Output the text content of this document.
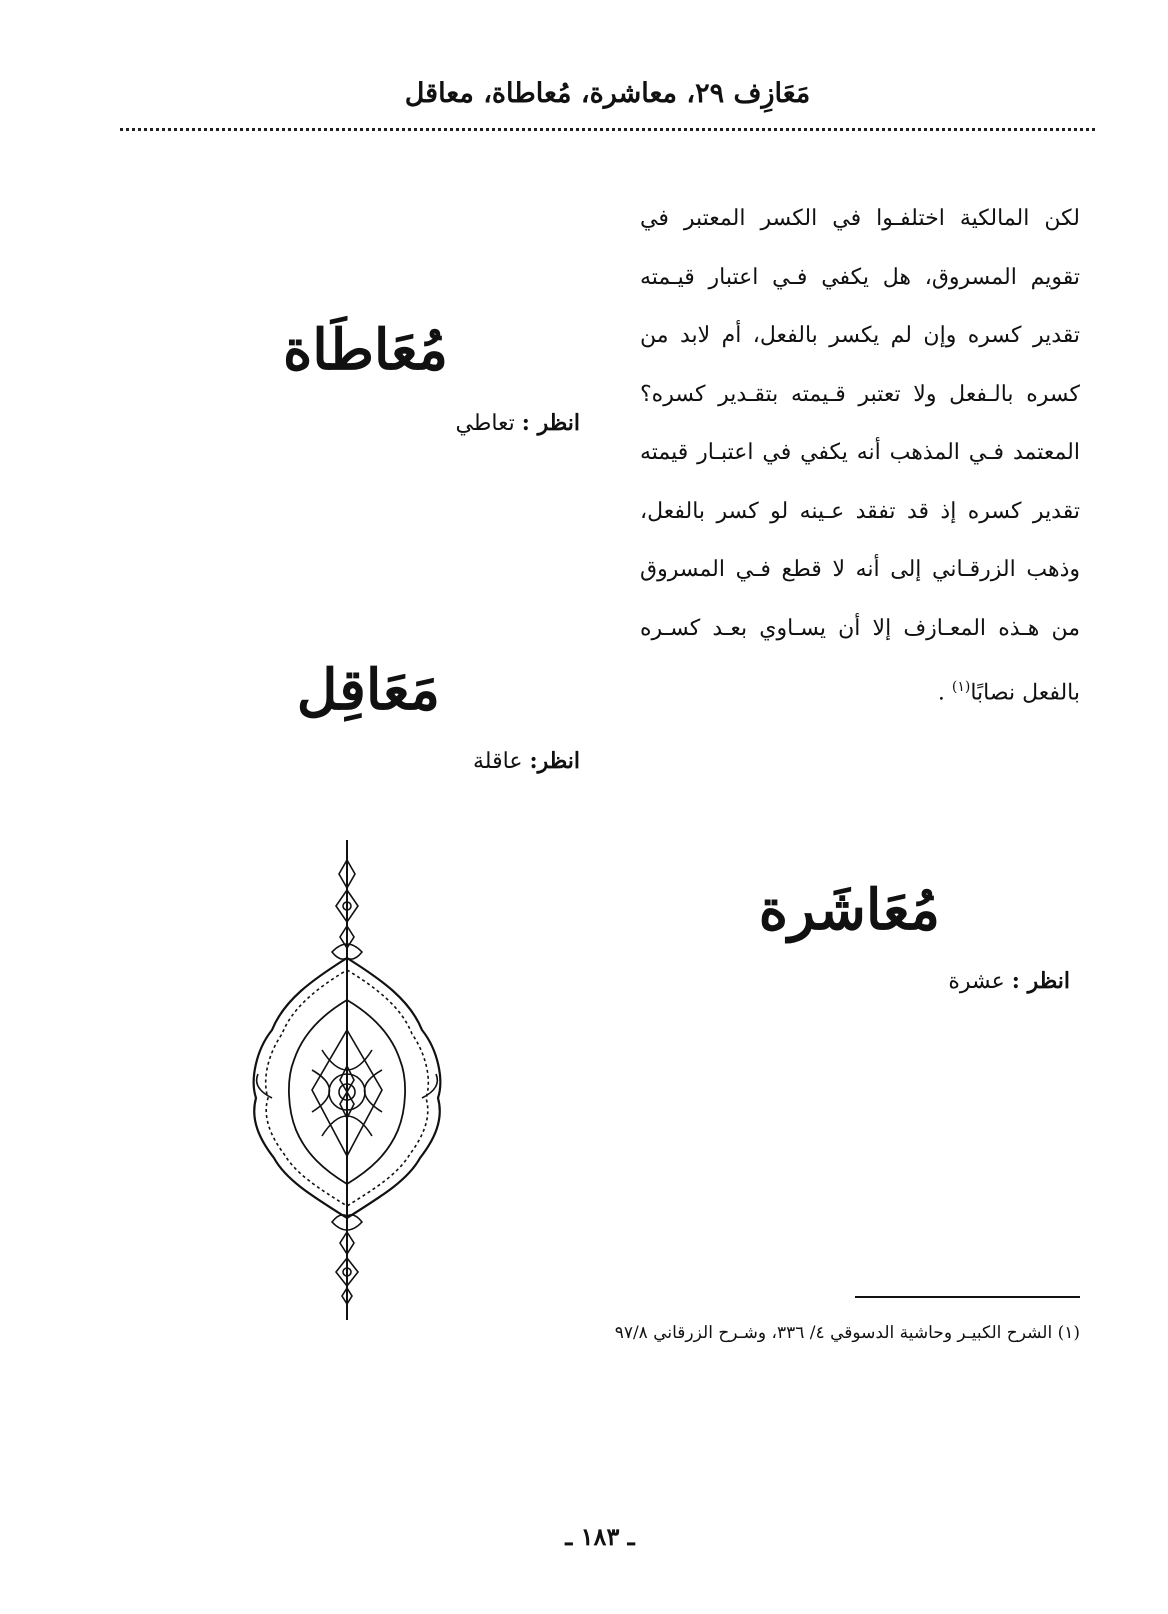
مَعَازِف ٢٩، معاشرة، مُعاطاة، معاقل

لكن المالكية اختلفـوا في الكسر المعتبر في تقويم المسروق، هل يكفي فـي اعتبار قيـمته تقدير كسره وإن لم يكسر بالفعل، أم لابد من كسره بالـفعل ولا تعتبر قـيمته بتقـدير كسره؟ المعتمد فـي المذهب أنه يكفي في اعتبـار قيمته تقدير كسره إذ قد تفقد عـينه لو كسر بالفعل، وذهب الزرقـاني إلى أنه لا قطع فـي المسروق من هـذه المعـازف إلا أن يسـاوي بعـد كسـره بالفعل نصابًا$^{(١)}$ .

مُعَاطَاة

انظر : تعاطي

مَعَاقِل

انظر: عاقلة

مُعَاشَرة

انظر : عشرة

(١) الشرح الكبيـر وحاشية الدسوقي ٤/ ٣٣٦، وشـرح الزرقاني ٩٧/٨

ـ ١٨٣ ـ
